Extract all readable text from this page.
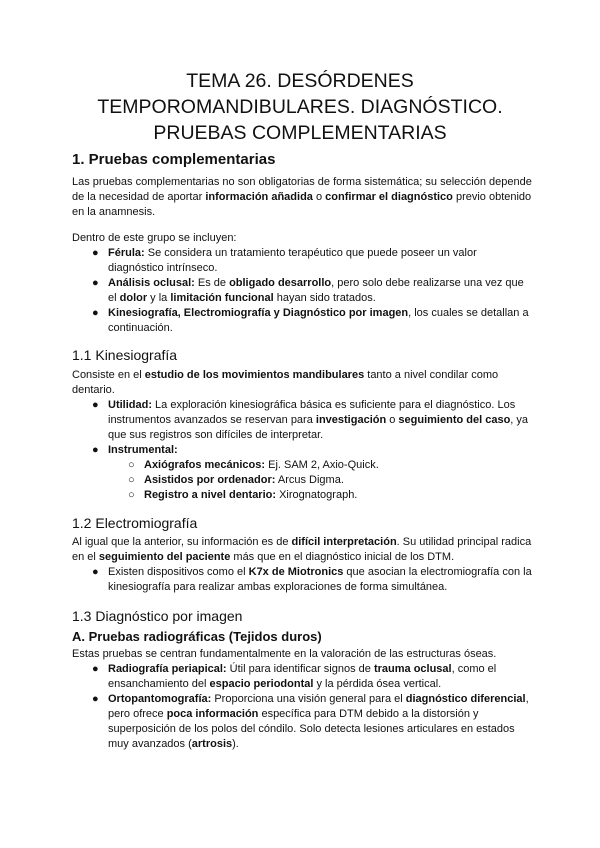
TEMA 26. DESÓRDENES
TEMPOROMANDIBULARES. DIAGNÓSTICO.
PRUEBAS COMPLEMENTARIAS
1. Pruebas complementarias
Las pruebas complementarias no son obligatorias de forma sistemática; su selección depende de la necesidad de aportar información añadida o confirmar el diagnóstico previo obtenido en la anamnesis.
Dentro de este grupo se incluyen:
● Férula: Se considera un tratamiento terapéutico que puede poseer un valor diagnóstico intrínseco.
● Análisis oclusal: Es de obligado desarrollo, pero solo debe realizarse una vez que el dolor y la limitación funcional hayan sido tratados.
● Kinesiografía, Electromiografía y Diagnóstico por imagen, los cuales se detallan a continuación.
1.1 Kinesiografía
Consiste en el estudio de los movimientos mandibulares tanto a nivel condilar como dentario.
● Utilidad: La exploración kinesiográfica básica es suficiente para el diagnóstico. Los instrumentos avanzados se reservan para investigación o seguimiento del caso, ya que sus registros son difíciles de interpretar.
● Instrumental:
○ Axiógrafos mecánicos: Ej. SAM 2, Axio-Quick.
○ Asistidos por ordenador: Arcus Digma.
○ Registro a nivel dentario: Xirognatograph.
1.2 Electromiografía
Al igual que la anterior, su información es de difícil interpretación. Su utilidad principal radica en el seguimiento del paciente más que en el diagnóstico inicial de los DTM.
● Existen dispositivos como el K7x de Miotronics que asocian la electromiografía con la kinesiografía para realizar ambas exploraciones de forma simultánea.
1.3 Diagnóstico por imagen
A. Pruebas radiográficas (Tejidos duros)
Estas pruebas se centran fundamentalmente en la valoración de las estructuras óseas.
● Radiografía periapical: Útil para identificar signos de trauma oclusal, como el ensanchamiento del espacio periodontal y la pérdida ósea vertical.
● Ortopantomografía: Proporciona una visión general para el diagnóstico diferencial, pero ofrece poca información específica para DTM debido a la distorsión y superposición de los polos del cóndilo. Solo detecta lesiones articulares en estados muy avanzados (artrosis).
